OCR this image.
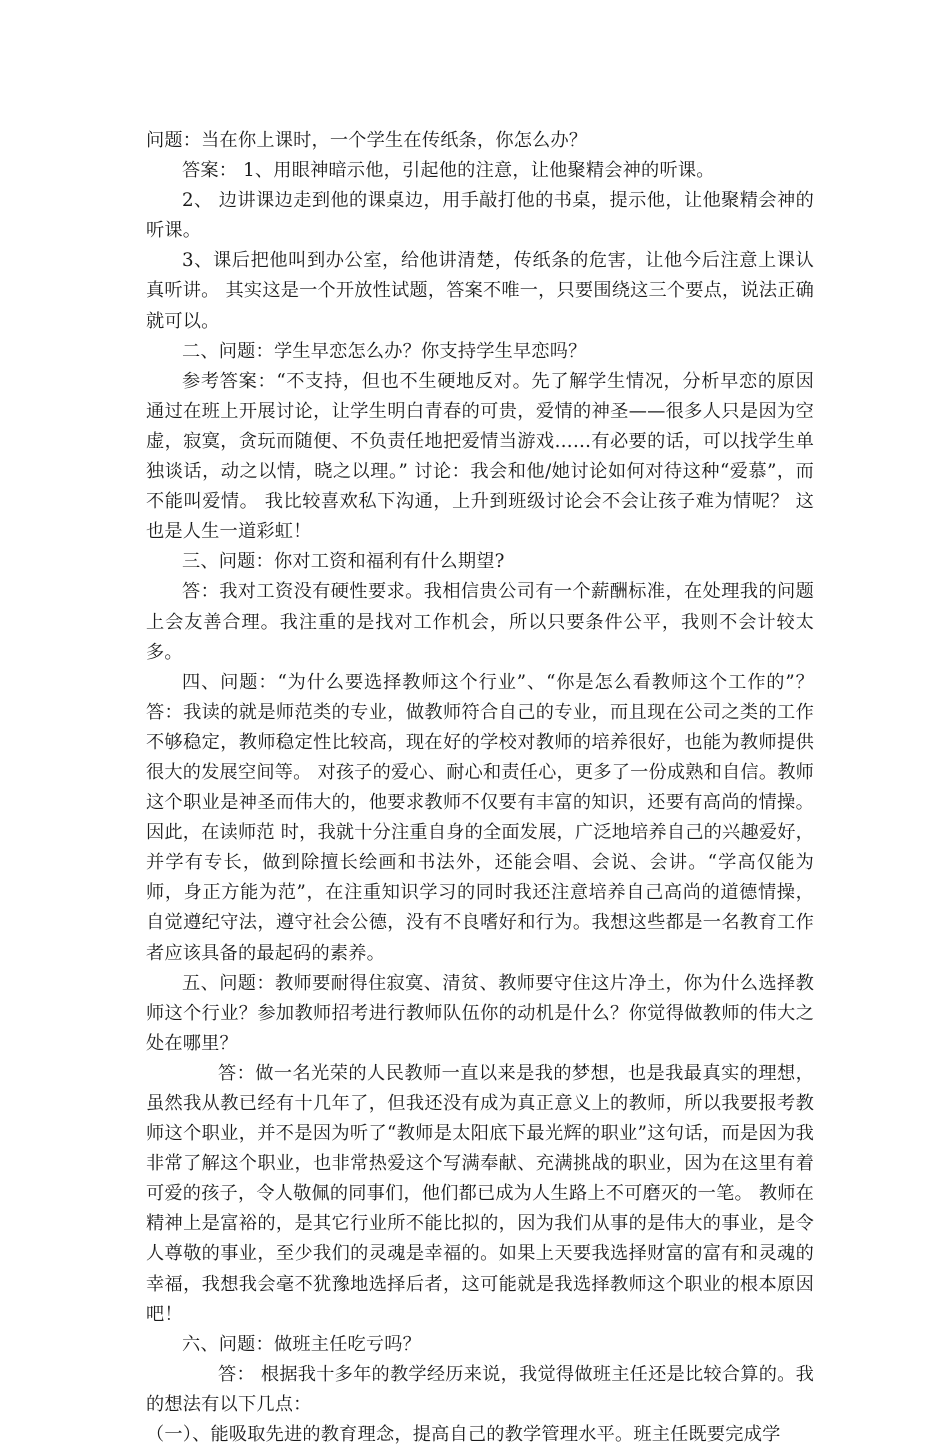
问题：当在你上课时，一个学生在传纸条，你怎么办？

答案： 1、用眼神暗示他，引起他的注意，让他聚精会神的听课。

2、 边讲课边走到他的课桌边，用手敲打他的书桌，提示他，让他聚精会神的听课。

3、课后把他叫到办公室，给他讲清楚，传纸条的危害，让他今后注意上课认真听讲。 其实这是一个开放性试题，答案不唯一，只要围绕这三个要点，说法正确就可以。

二、问题：学生早恋怎么办？你支持学生早恋吗？

参考答案：“不支持，但也不生硬地反对。先了解学生情况，分析早恋的原因通过在班上开展讨论，让学生明白青春的可贵，爱情的神圣——很多人只是因为空虚，寂寞，贪玩而随便、不负责任地把爱情当游戏……有必要的话，可以找学生单独谈话，动之以情，晓之以理。” 讨论：我会和他/她讨论如何对待这种“爱慕”，而不能叫爱情。 我比较喜欢私下沟通，上升到班级讨论会不会让孩子难为情呢？ 这也是人生一道彩虹！

三、问题：你对工资和福利有什么期望?

答：我对工资没有硬性要求。我相信贵公司有一个薪酬标准，在处理我的问题上会友善合理。我注重的是找对工作机会，所以只要条件公平，我则不会计较太多。

四、问题：“为什么要选择教师这个行业”、“你是怎么看教师这个工作的”？ 答：我读的就是师范类的专业，做教师符合自己的专业，而且现在公司之类的工作不够稳定，教师稳定性比较高，现在好的学校对教师的培养很好，也能为教师提供很大的发展空间等。 对孩子的爱心、耐心和责任心，更多了一份成熟和自信。教师这个职业是神圣而伟大的，他要求教师不仅要有丰富的知识，还要有高尚的情操。因此，在读师范 时，我就十分注重自身的全面发展，广泛地培养自己的兴趣爱好，并学有专长，做到除擅长绘画和书法外，还能会唱、会说、会讲。“学高仅能为师，身正方能为范”，在注重知识学习的同时我还注意培养自己高尚的道德情操，自觉遵纪守法，遵守社会公德，没有不良嗜好和行为。我想这些都是一名教育工作者应该具备的最起码的素养。

五、问题：教师要耐得住寂寞、清贫、教师要守住这片净土，你为什么选择教师这个行业？参加教师招考进行教师队伍你的动机是什么？你觉得做教师的伟大之处在哪里？

答：做一名光荣的人民教师一直以来是我的梦想，也是我最真实的理想，虽然我从教已经有十几年了，但我还没有成为真正意义上的教师，所以我要报考教师这个职业，并不是因为听了“教师是太阳底下最光辉的职业”这句话，而是因为我非常了解这个职业，也非常热爱这个写满奉献、充满挑战的职业，因为在这里有着可爱的孩子，令人敬佩的同事们，他们都已成为人生路上不可磨灭的一笔。 教师在精神上是富裕的，是其它行业所不能比拟的，因为我们从事的是伟大的事业，是令人尊敬的事业，至少我们的灵魂是幸福的。如果上天要我选择财富的富有和灵魂的幸福，我想我会毫不犹豫地选择后者，这可能就是我选择教师这个职业的根本原因吧！

六、问题：做班主任吃亏吗？

答： 根据我十多年的教学经历来说，我觉得做班主任还是比较合算的。我的想法有以下几点：

（一）、能吸取先进的教育理念，提高自己的教学管理水平。班主任既要完成学
